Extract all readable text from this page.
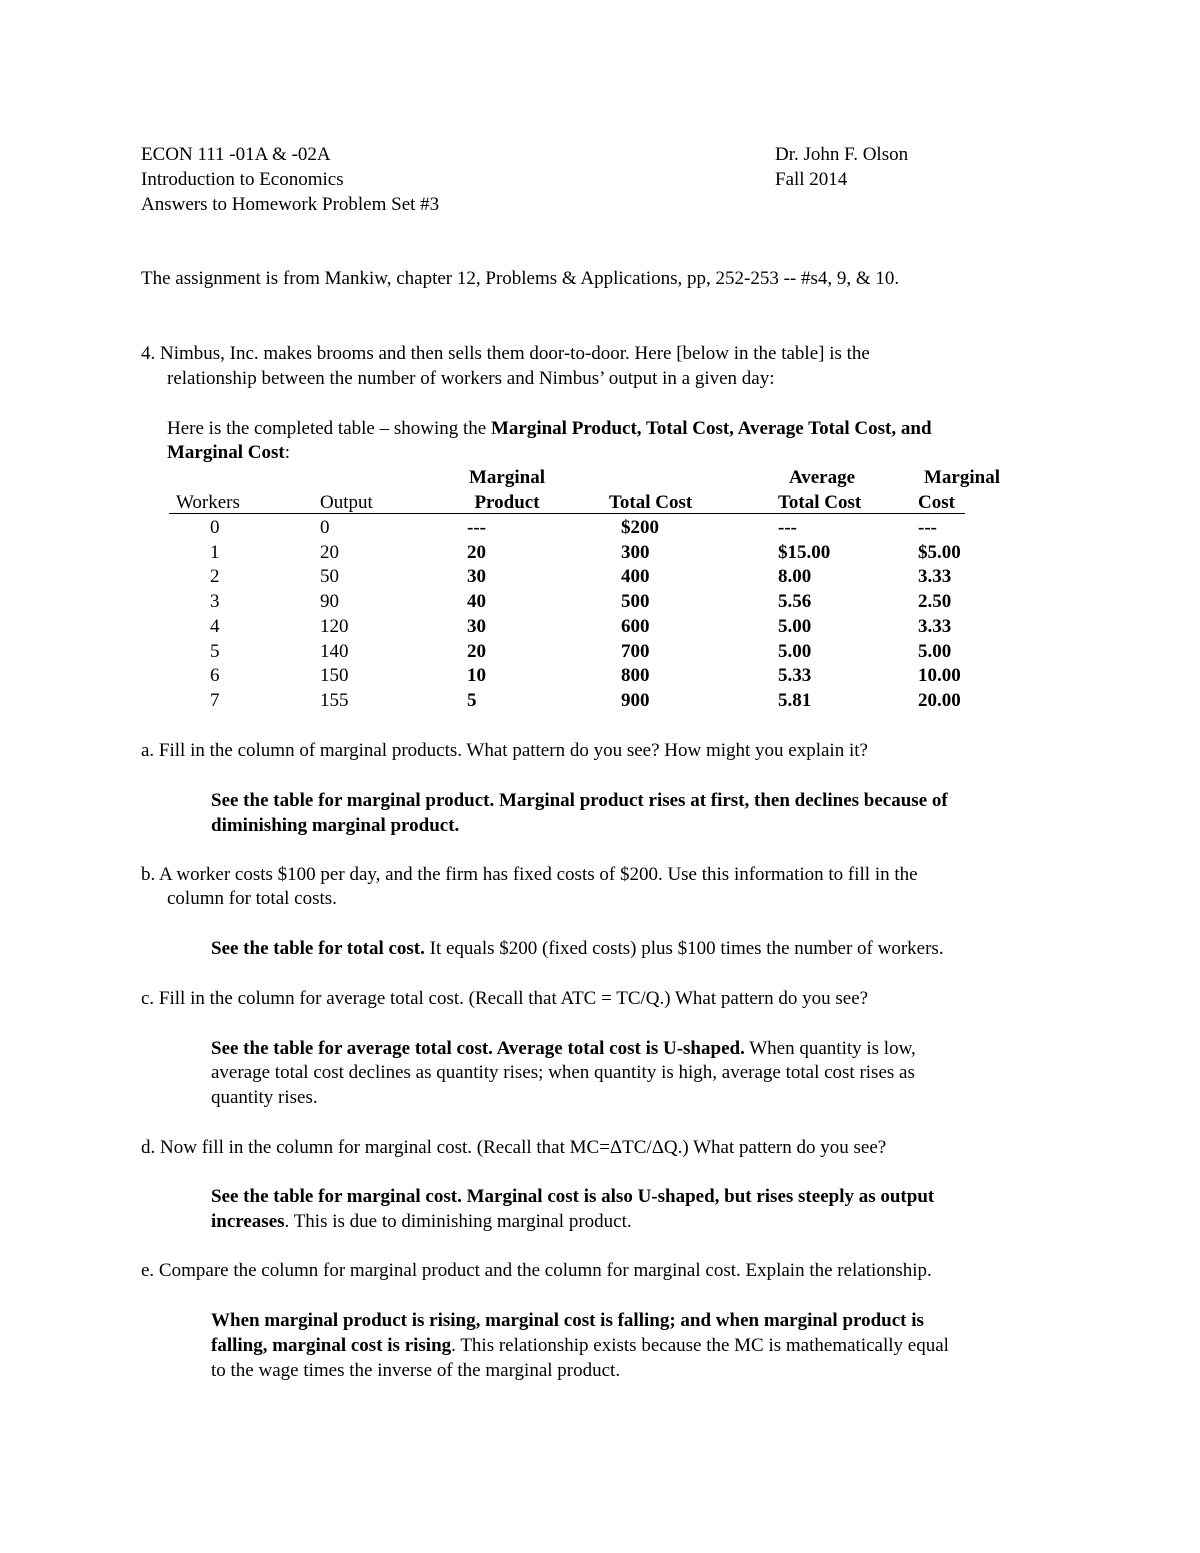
ECON 111 -01A & -02A	Dr. John F. Olson
Introduction to Economics	Fall 2014
Answers to Homework Problem Set #3
The assignment is from Mankiw, chapter 12, Problems & Applications, pp, 252-253 -- #s4, 9, & 10.
4. Nimbus, Inc. makes brooms and then sells them door-to-door. Here [below in the table] is the
relationship between the number of workers and Nimbus’ output in a given day:
Here is the completed table – showing the Marginal Product, Total Cost, Average Total Cost, and
Marginal Cost:
Marginal	Average	Marginal
Workers	Output	Product	Total Cost	Total Cost	Cost
0	0	---	$200	---	---
1	20	20	300	$15.00	$5.00
2	50	30	400	8.00	3.33
3	90	40	500	5.56	2.50
4	120	30	600	5.00	3.33
5	140	20	700	5.00	5.00
6	150	10	800	5.33	10.00
7	155	5	900	5.81	20.00
a. Fill in the column of marginal products. What pattern do you see? How might you explain it?
See the table for marginal product. Marginal product rises at first, then declines because of
diminishing marginal product.
b. A worker costs $100 per day, and the firm has fixed costs of $200. Use this information to fill in the
column for total costs.
See the table for total cost. It equals $200 (fixed costs) plus $100 times the number of workers.
c. Fill in the column for average total cost. (Recall that ATC = TC/Q.) What pattern do you see?
See the table for average total cost. Average total cost is U-shaped. When quantity is low,
average total cost declines as quantity rises; when quantity is high, average total cost rises as
quantity rises.
d. Now fill in the column for marginal cost. (Recall that MC=ΔTC/ΔQ.) What pattern do you see?
See the table for marginal cost. Marginal cost is also U-shaped, but rises steeply as output
increases. This is due to diminishing marginal product.
e. Compare the column for marginal product and the column for marginal cost. Explain the relationship.
When marginal product is rising, marginal cost is falling; and when marginal product is
falling, marginal cost is rising. This relationship exists because the MC is mathematically equal
to the wage times the inverse of the marginal product.
